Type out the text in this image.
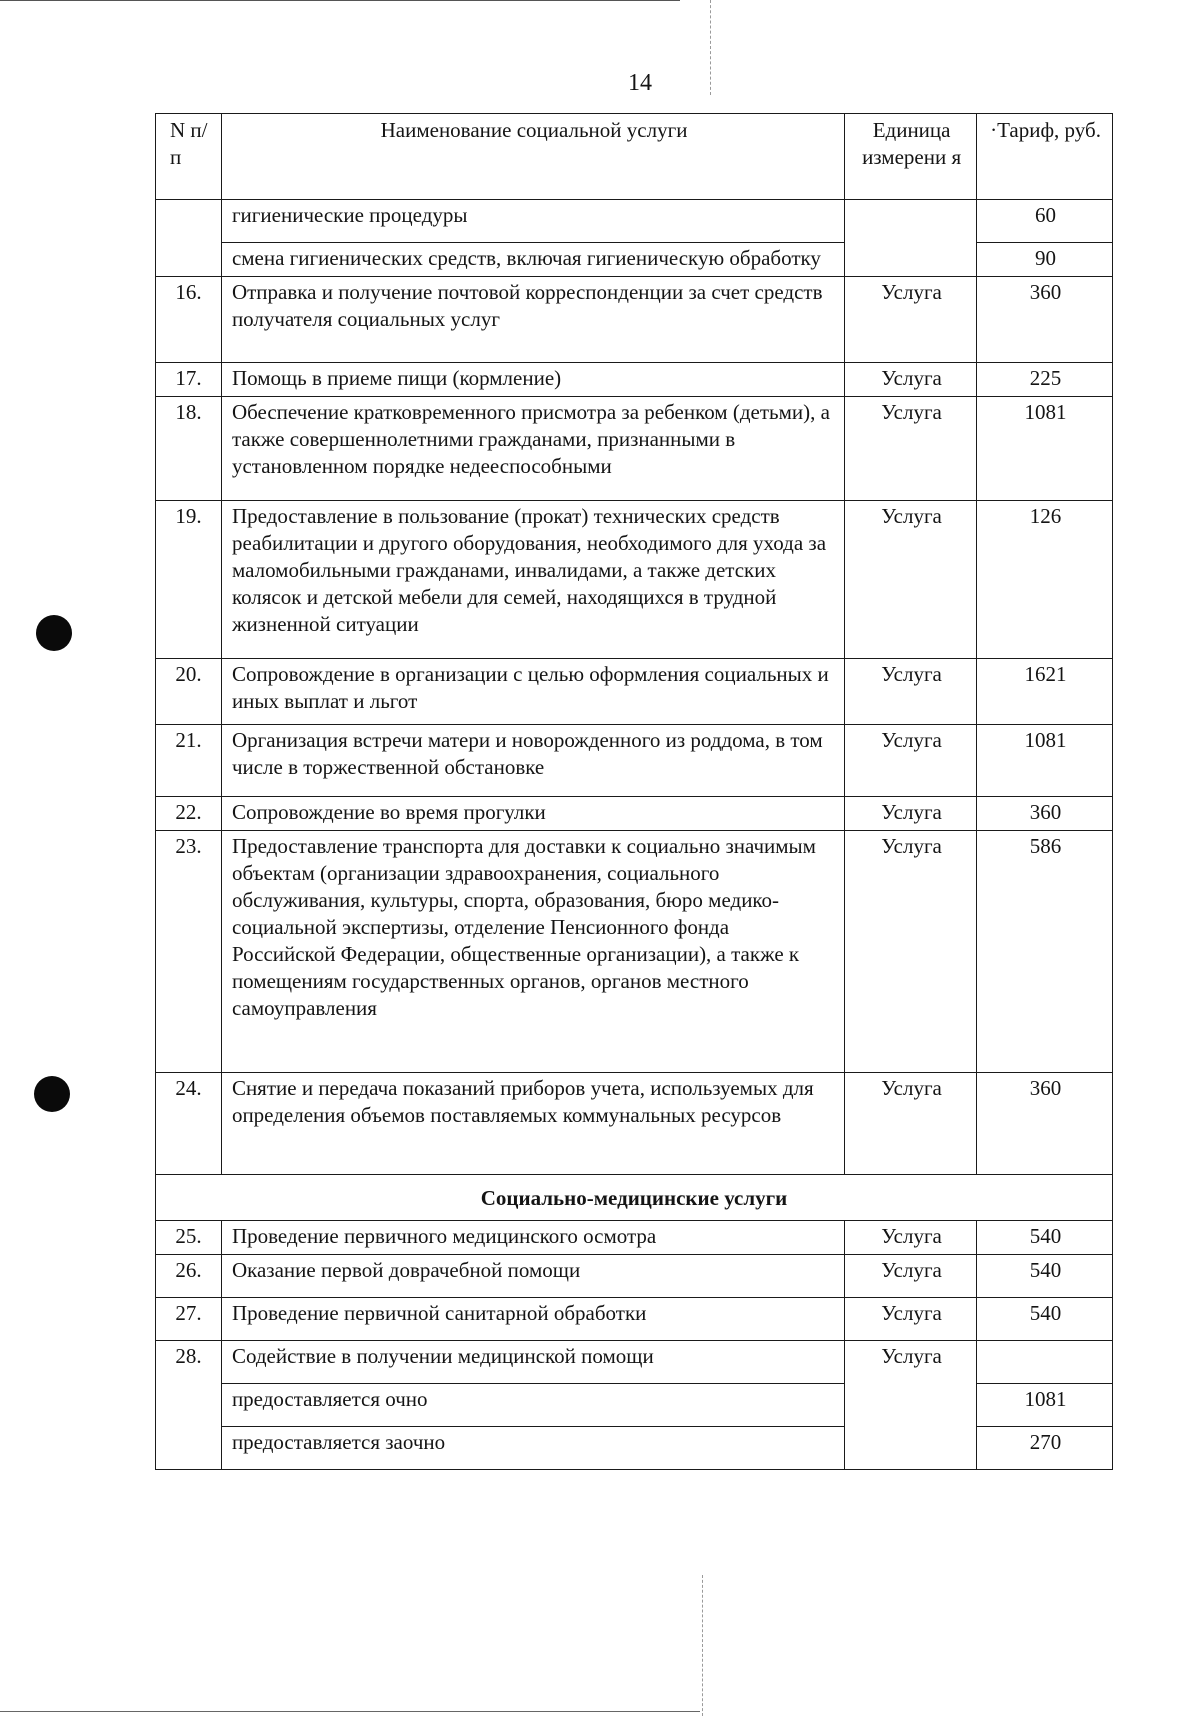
14
N п/п	Наименование социальной услуги	Единица измерени я	·Тариф, руб.
	гигиенические процедуры		60
	смена гигиенических средств, включая гигиеническую обработку		90
16.	Отправка и получение почтовой корреспонденции за счет средств получателя социальных услуг	Услуга	360
17.	Помощь в приеме пищи (кормление)	Услуга	225
18.	Обеспечение кратковременного присмотра за ребенком (детьми), а также совершеннолетними гражданами, признанными в установленном порядке недееспособными	Услуга	1081
19.	Предоставление в пользование (прокат) технических средств реабилитации и другого оборудования, необходимого для ухода за маломобильными гражданами, инвалидами, а также детских колясок и детской мебели для семей, находящихся в трудной жизненной ситуации	Услуга	126
20.	Сопровождение в организации с целью оформления социальных и иных выплат и льгот	Услуга	1621
21.	Организация встречи матери и новорожденного из роддома, в том числе в торжественной обстановке	Услуга	1081
22.	Сопровождение во время прогулки	Услуга	360
23.	Предоставление транспорта для доставки к социально значимым объектам (организации здравоохранения, социального обслуживания, культуры, спорта, образования, бюро медико-социальной экспертизы, отделение Пенсионного фонда Российской Федерации, общественные организации), а также к помещениям государственных органов, органов местного самоуправления	Услуга	586
24.	Снятие и передача показаний приборов учета, используемых для определения объемов поставляемых коммунальных ресурсов	Услуга	360
Социально-медицинские услуги			
25.	Проведение первичного медицинского осмотра	Услуга	540
26.	Оказание первой доврачебной помощи	Услуга	540
27.	Проведение первичной санитарной обработки	Услуга	540
28.	Содействие в получении медицинской помощи	Услуга	
	предоставляется очно		1081
	предоставляется заочно		270
